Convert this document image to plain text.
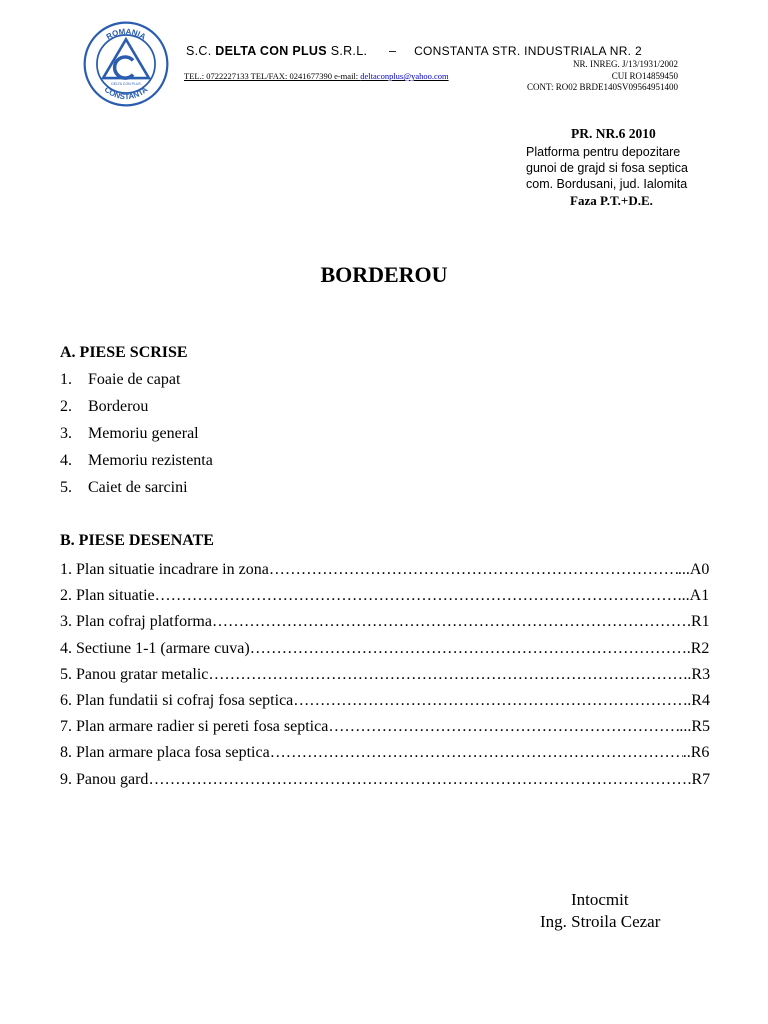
ROMANIA
CONSTANTA
DELTA CON PLUS
S.C. DELTA CON PLUS S.R.L. – CONSTANTA STR. INDUSTRIALA NR. 2
TEL.: 0722227133 TEL/FAX: 0241677390 e-mail: deltaconplus@yahoo.com
NR. INREG. J/13/1931/2002
CUI RO14859450
CONT: RO02 BRDE140SV09564951400
PR. NR.6 2010
Platforma pentru depozitare
gunoi de grajd si fosa septica
com. Bordusani, jud. Ialomita
Faza P.T.+D.E.
BORDEROU
A. PIESE SCRISE
1.	Foaie de capat
2.	Borderou
3.	Memoriu general
4.	Memoriu rezistenta
5.	Caiet de sarcini
B. PIESE DESENATE
1. Plan situatie incadrare in zona ……………………………………………………………………………………………………………………	...A0
2. Plan situatie ……………………………………………………………………………………………………………………	...A1
3. Plan cofraj platforma ……………………………………………………………………………………………………………………	.R1
4. Sectiune 1-1 (armare cuva) ……………………………………………………………………………………………………………………	.R2
5. Panou gratar metalic ……………………………………………………………………………………………………………………	..R3
6. Plan fundatii si cofraj fosa septica ……………………………………………………………………………………………………………………	.R4
7. Plan armare radier si pereti fosa septica ……………………………………………………………………………………………………………………	...R5
8. Plan armare placa fosa septica ……………………………………………………………………………………………………………………	..R6
9. Panou gard ……………………………………………………………………………………………………………………	.R7
Intocmit
Ing. Stroila Cezar
